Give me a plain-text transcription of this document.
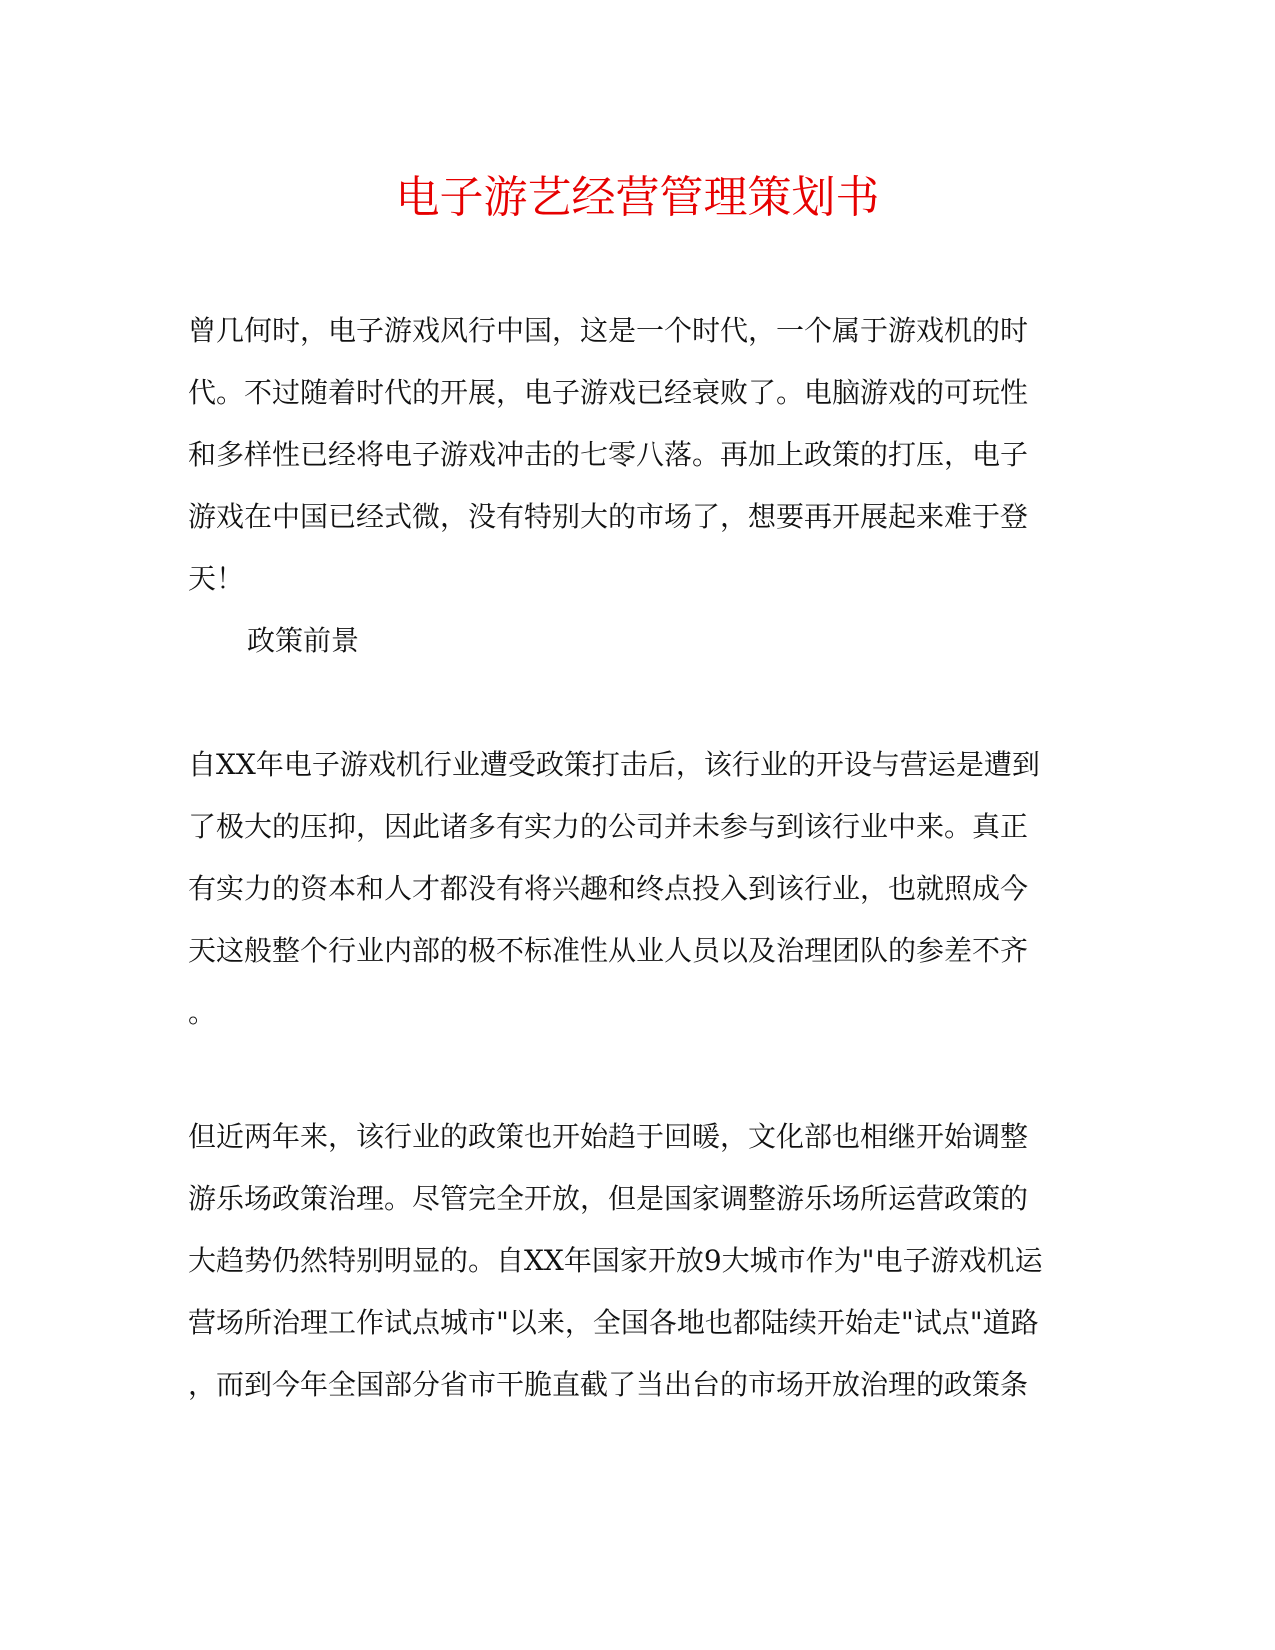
电子游艺经营管理策划书
曾几何时，电子游戏风行中国，这是一个时代，一个属于游戏机的时
代。不过随着时代的开展，电子游戏已经衰败了。电脑游戏的可玩性
和多样性已经将电子游戏冲击的七零八落。再加上政策的打压，电子
游戏在中国已经式微，没有特别大的市场了，想要再开展起来难于登
天！
政策前景
自XX年电子游戏机行业遭受政策打击后，该行业的开设与营运是遭到
了极大的压抑，因此诸多有实力的公司并未参与到该行业中来。真正
有实力的资本和人才都没有将兴趣和终点投入到该行业，也就照成今
天这般整个行业内部的极不标准性从业人员以及治理团队的参差不齐
。
但近两年来，该行业的政策也开始趋于回暖，文化部也相继开始调整
游乐场政策治理。尽管完全开放，但是国家调整游乐场所运营政策的
大趋势仍然特别明显的。自XX年国家开放9大城市作为"电子游戏机运
营场所治理工作试点城市"以来，全国各地也都陆续开始走"试点"道路
，而到今年全国部分省市干脆直截了当出台的市场开放治理的政策条
